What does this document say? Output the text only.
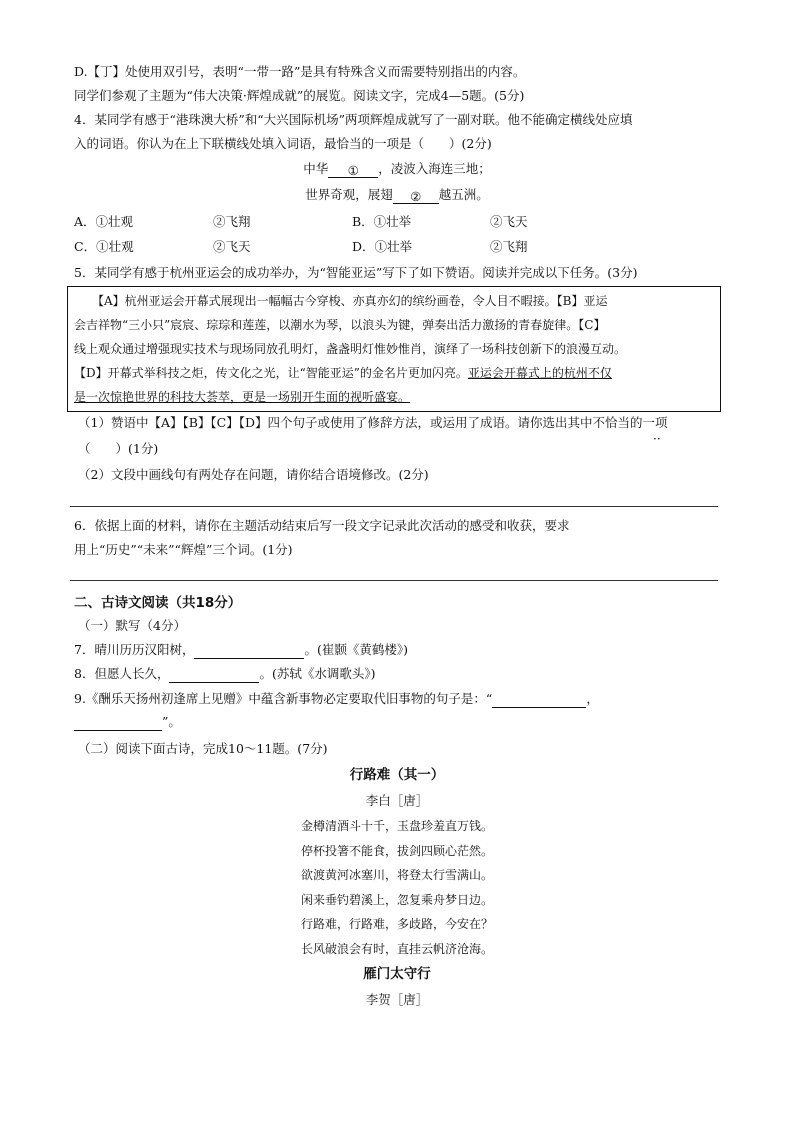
D.【丁】处使用双引号，表明“一带一路”是具有特殊含义而需要特别指出的内容。
同学们参观了主题为“伟大决策·辉煌成就”的展览。阅读文字，完成4—5题。(5分)
4．某同学有感于“港珠澳大桥”和“大兴国际机场”两项辉煌成就写了一副对联。他不能确定横线处应填
入的词语。你认为在上下联横线处填入词语，最恰当的一项是（　　）(2分)
中华 ① ，凌波入海连三地；
世界奇观，展翅 ② 越五洲。
A．①壮观	②飞翔	B．①壮举	②飞天
C．①壮观	②飞天	D．①壮举	②飞翔
5．某同学有感于杭州亚运会的成功举办，为“智能亚运”写下了如下赞语。阅读并完成以下任务。(3分)
【A】杭州亚运会开幕式展现出一幅幅古今穿梭、亦真亦幻的缤纷画卷，令人目不暇接。【B】亚运
会吉祥物“三小只”宸宸、琮琮和莲莲，以潮水为琴，以浪头为键，弹奏出活力激扬的青春旋律。【C】
线上观众通过增强现实技术与现场同放孔明灯，盏盏明灯惟妙惟肖，演绎了一场科技创新下的浪漫互动。
【D】开幕式举科技之炬，传文化之光，让“智能亚运”的金名片更加闪亮。亚运会开幕式上的杭州不仅
是一次惊艳世界的科技大荟萃，更是一场别开生面的视听盛宴。
（1）赞语中【A】【B】【C】【D】四个句子或使用了修辞方法，或运用了成语。请你选出其中不恰当的一项
··
（　　）(1分)
（2）文段中画线句有两处存在问题，请你结合语境修改。(2分)
6．依据上面的材料，请你在主题活动结束后写一段文字记录此次活动的感受和收获，要求
用上“历史”“未来”“辉煌”三个词。(1分)
二、古诗文阅读（共18分）
（一）默写（4分）
7．晴川历历汉阳树，	。(崔颢《黄鹤楼》)
8．但愿人长久，	。(苏轼《水调歌头》)
9.《酬乐天扬州初逢席上见赠》中蕴含新事物必定要取代旧事物的句子是：“	，
”。
（二）阅读下面古诗，完成10～11题。(7分)
行路难（其一）
李白［唐］
金樽清酒斗十千，玉盘珍羞直万钱。
停杯投箸不能食，拔剑四顾心茫然。
欲渡黄河冰塞川，将登太行雪满山。
闲来垂钓碧溪上，忽复乘舟梦日边。
行路难，行路难，多歧路，今安在？
长风破浪会有时，直挂云帆济沧海。
雁门太守行
李贺［唐］
